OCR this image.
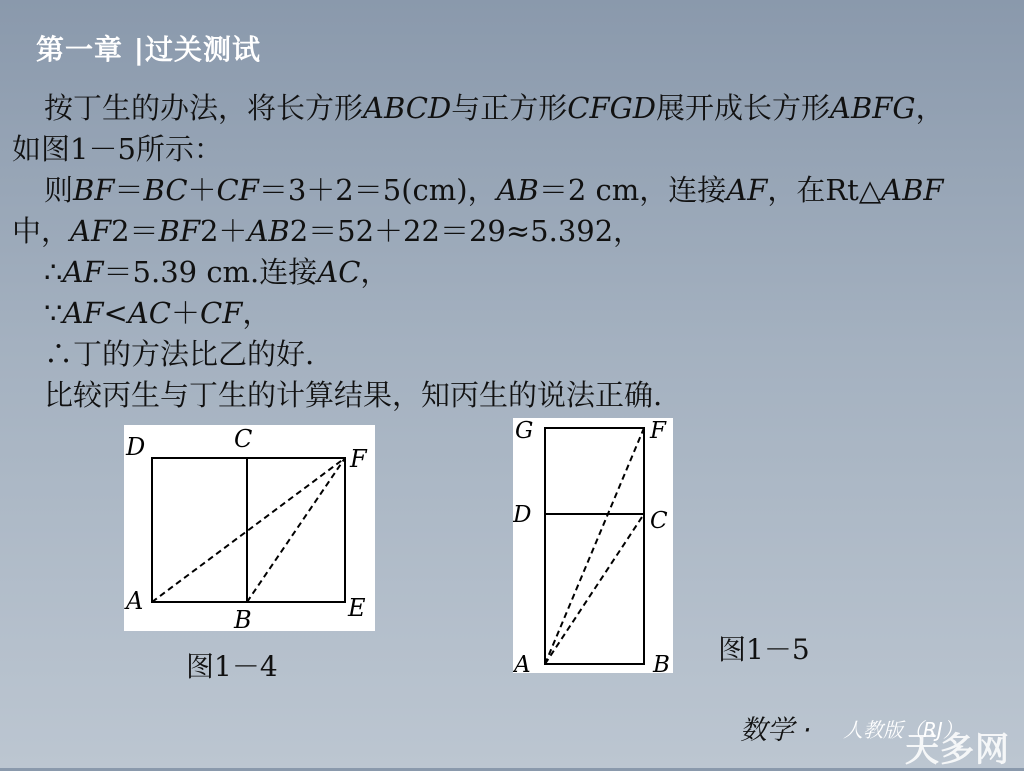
第一章 |过关测试
按丁生的办法，将长方形ABCD与正方形CFGD展开成长方形ABFG，
如图1－5所示：
则BF＝BC＋CF＝3＋2＝5(cm)，AB＝2 cm，连接AF，在Rt△ABF
中，AF2＝BF2＋AB2＝52＋22＝29≈5.392，
∴AF＝5.39 cm.连接AC，
∵AF<AC＋CF，
∴丁的方法比乙的好.
比较丙生与丁生的计算结果，知丙生的说法正确.
D	C
F
A
B	E
图1－4
G	F
D	C
A	B 图1－5
数学 · 人教版（RJ）
天多网
